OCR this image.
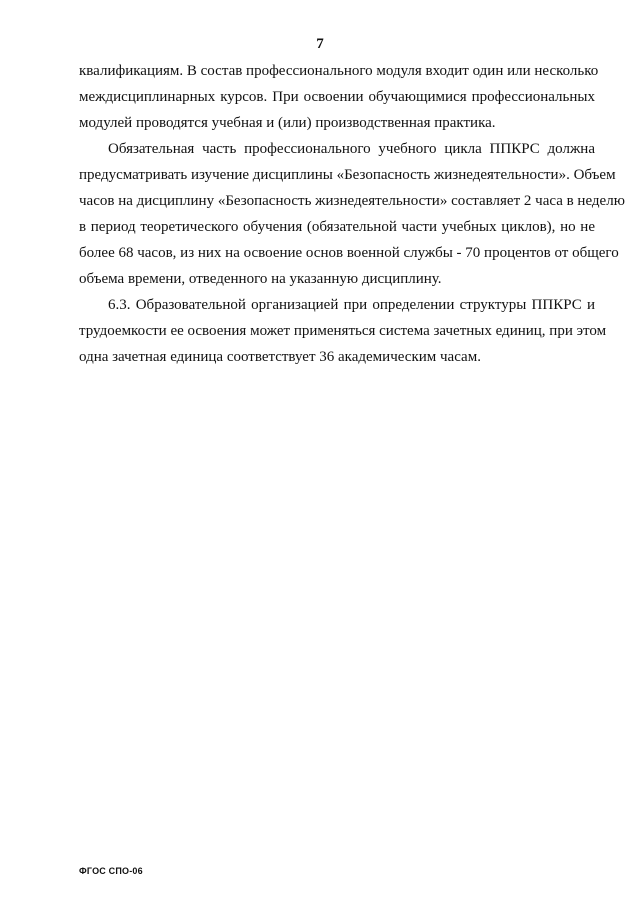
7

квалификациям. В состав профессионального модуля входит один или несколько
междисциплинарных курсов. При освоении обучающимися профессиональных
модулей проводятся учебная и (или) производственная практика.

Обязательная часть профессионального учебного цикла ППКРС должна
предусматривать изучение дисциплины «Безопасность жизнедеятельности». Объем
часов на дисциплину «Безопасность жизнедеятельности» составляет 2 часа в неделю
в период теоретического обучения (обязательной части учебных циклов), но не
более 68 часов, из них на освоение основ военной службы - 70 процентов от общего
объема времени, отведенного на указанную дисциплину.

6.3. Образовательной организацией при определении структуры ППКРС и
трудоемкости ее освоения может применяться система зачетных единиц, при этом
одна зачетная единица соответствует 36 академическим часам.

ФГОС СПО-06
